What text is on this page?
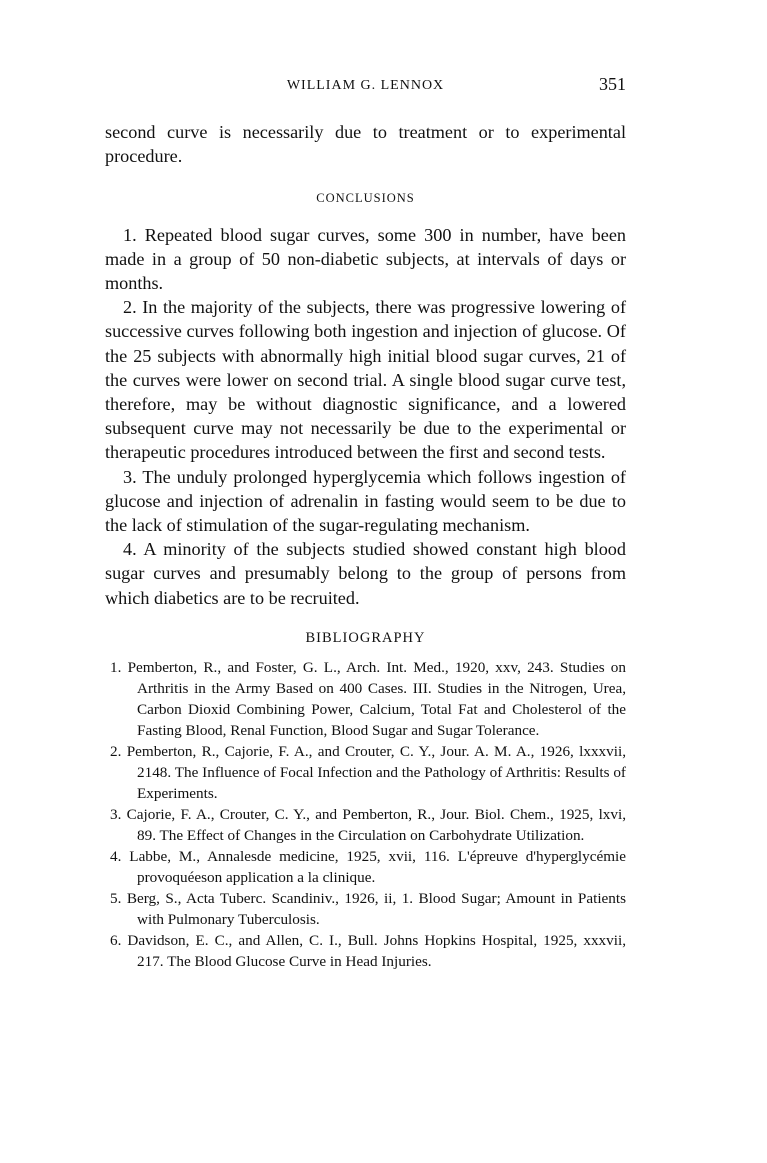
WILLIAM G. LENNOX	351

second curve is necessarily due to treatment or to experimental procedure.

CONCLUSIONS

1. Repeated blood sugar curves, some 300 in number, have been made in a group of 50 non-diabetic subjects, at intervals of days or months.

2. In the majority of the subjects, there was progressive lowering of successive curves following both ingestion and injection of glucose. Of the 25 subjects with abnormally high initial blood sugar curves, 21 of the curves were lower on second trial. A single blood sugar curve test, therefore, may be without diagnostic significance, and a lowered subsequent curve may not necessarily be due to the experimental or therapeutic procedures introduced between the first and second tests.

3. The unduly prolonged hyperglycemia which follows ingestion of glucose and injection of adrenalin in fasting would seem to be due to the lack of stimulation of the sugar-regulating mechanism.

4. A minority of the subjects studied showed constant high blood sugar curves and presumably belong to the group of persons from which diabetics are to be recruited.

BIBLIOGRAPHY

1. Pemberton, R., and Foster, G. L., Arch. Int. Med., 1920, xxv, 243. Studies on Arthritis in the Army Based on 400 Cases. III. Studies in the Nitrogen, Urea, Carbon Dioxid Combining Power, Calcium, Total Fat and Cholesterol of the Fasting Blood, Renal Function, Blood Sugar and Sugar Tolerance.

2. Pemberton, R., Cajorie, F. A., and Crouter, C. Y., Jour. A. M. A., 1926, lxxxvii, 2148. The Influence of Focal Infection and the Pathology of Arthritis: Results of Experiments.

3. Cajorie, F. A., Crouter, C. Y., and Pemberton, R., Jour. Biol. Chem., 1925, lxvi, 89. The Effect of Changes in the Circulation on Carbohydrate Utilization.

4. Labbe, M., Annalesde medicine, 1925, xvii, 116. L'épreuve d'hyperglycémie provoquéeson application a la clinique.

5. Berg, S., Acta Tuberc. Scandiniv., 1926, ii, 1. Blood Sugar; Amount in Patients with Pulmonary Tuberculosis.

6. Davidson, E. C., and Allen, C. I., Bull. Johns Hopkins Hospital, 1925, xxxvii, 217. The Blood Glucose Curve in Head Injuries.
